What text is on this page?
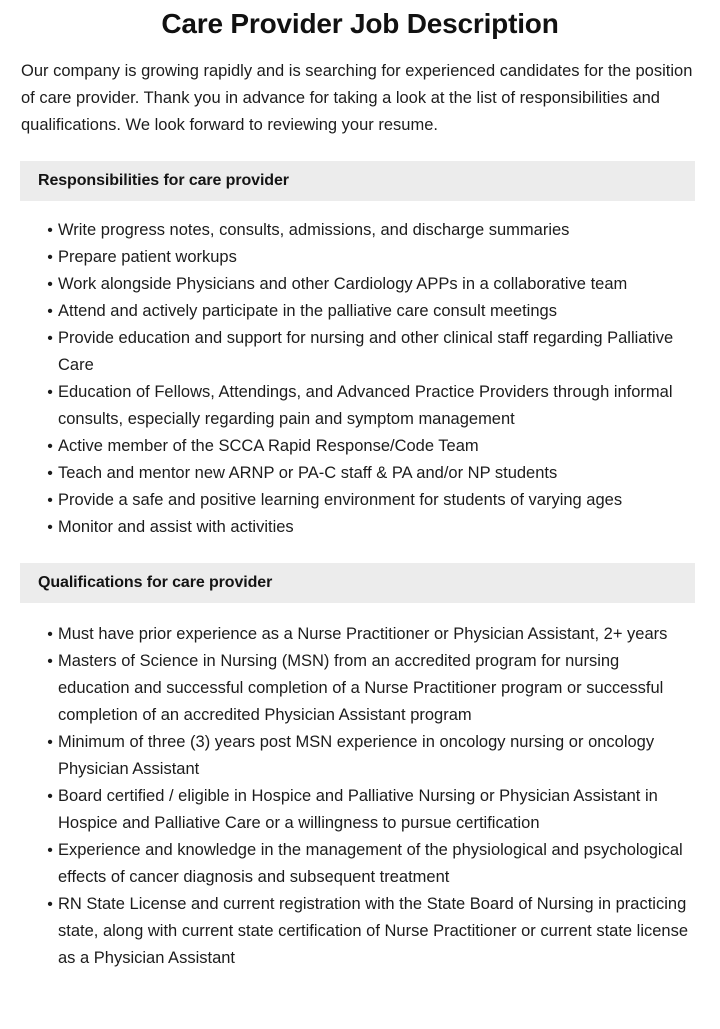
Care Provider Job Description

Our company is growing rapidly and is searching for experienced candidates for the position of care provider. Thank you in advance for taking a look at the list of responsibilities and qualifications. We look forward to reviewing your resume.

Responsibilities for care provider
• Write progress notes, consults, admissions, and discharge summaries
• Prepare patient workups
• Work alongside Physicians and other Cardiology APPs in a collaborative team
• Attend and actively participate in the palliative care consult meetings
• Provide education and support for nursing and other clinical staff regarding Palliative Care
• Education of Fellows, Attendings, and Advanced Practice Providers through informal consults, especially regarding pain and symptom management
• Active member of the SCCA Rapid Response/Code Team
• Teach and mentor new ARNP or PA-C staff & PA and/or NP students
• Provide a safe and positive learning environment for students of varying ages
• Monitor and assist with activities
Qualifications for care provider
• Must have prior experience as a Nurse Practitioner or Physician Assistant, 2+ years
• Masters of Science in Nursing (MSN) from an accredited program for nursing education and successful completion of a Nurse Practitioner program or successful completion of an accredited Physician Assistant program
• Minimum of three (3) years post MSN experience in oncology nursing or oncology Physician Assistant
• Board certified / eligible in Hospice and Palliative Nursing or Physician Assistant in Hospice and Palliative Care or a willingness to pursue certification
• Experience and knowledge in the management of the physiological and psychological effects of cancer diagnosis and subsequent treatment
• RN State License and current registration with the State Board of Nursing in practicing state, along with current state certification of Nurse Practitioner or current state license as a Physician Assistant
